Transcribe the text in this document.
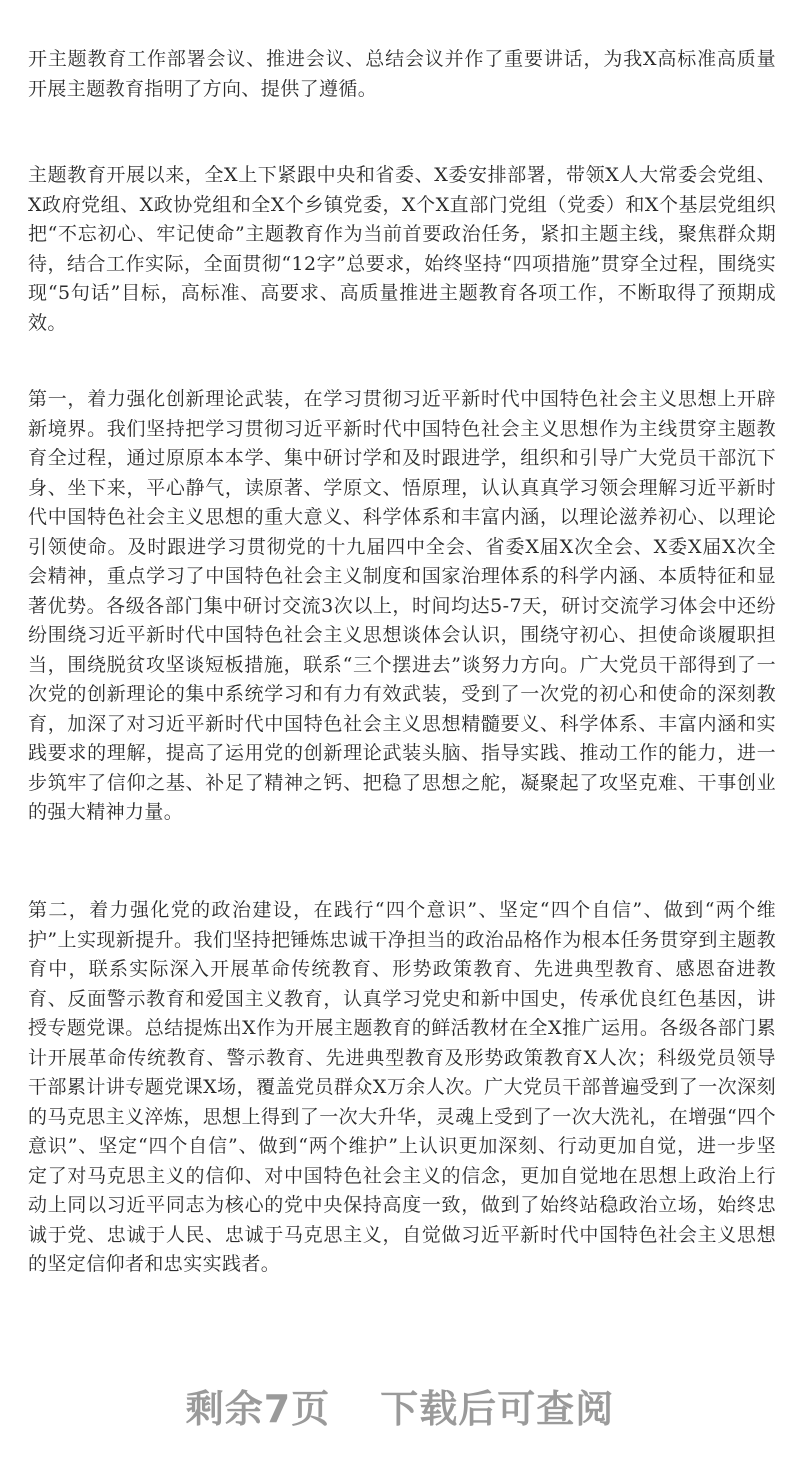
开主题教育工作部署会议、推进会议、总结会议并作了重要讲话，为我X高标准高质量开展主题教育指明了方向、提供了遵循。

主题教育开展以来，全X上下紧跟中央和省委、X委安排部署，带领X人大常委会党组、X政府党组、X政协党组和全X个乡镇党委，X个X直部门党组（党委）和X个基层党组织把“不忘初心、牢记使命”主题教育作为当前首要政治任务，紧扣主题主线，聚焦群众期待，结合工作实际，全面贯彻“12字”总要求，始终坚持“四项措施”贯穿全过程，围绕实现“5句话”目标，高标准、高要求、高质量推进主题教育各项工作，不断取得了预期成效。

第一，着力强化创新理论武装，在学习贯彻习近平新时代中国特色社会主义思想上开辟新境界。我们坚持把学习贯彻习近平新时代中国特色社会主义思想作为主线贯穿主题教育全过程，通过原原本本学、集中研讨学和及时跟进学，组织和引导广大党员干部沉下身、坐下来，平心静气，读原著、学原文、悟原理，认认真真学习领会理解习近平新时代中国特色社会主义思想的重大意义、科学体系和丰富内涵，以理论滋养初心、以理论引领使命。及时跟进学习贯彻党的十九届四中全会、省委X届X次全会、X委X届X次全会精神，重点学习了中国特色社会主义制度和国家治理体系的科学内涵、本质特征和显著优势。各级各部门集中研讨交流3次以上，时间均达5-7天，研讨交流学习体会中还纷纷围绕习近平新时代中国特色社会主义思想谈体会认识，围绕守初心、担使命谈履职担当，围绕脱贫攻坚谈短板措施，联系“三个摆进去”谈努力方向。广大党员干部得到了一次党的创新理论的集中系统学习和有力有效武装，受到了一次党的初心和使命的深刻教育，加深了对习近平新时代中国特色社会主义思想精髓要义、科学体系、丰富内涵和实践要求的理解，提高了运用党的创新理论武装头脑、指导实践、推动工作的能力，进一步筑牢了信仰之基、补足了精神之钙、把稳了思想之舵，凝聚起了攻坚克难、干事创业的强大精神力量。

第二，着力强化党的政治建设，在践行“四个意识”、坚定“四个自信”、做到“两个维护”上实现新提升。我们坚持把锤炼忠诚干净担当的政治品格作为根本任务贯穿到主题教育中，联系实际深入开展革命传统教育、形势政策教育、先进典型教育、感恩奋进教育、反面警示教育和爱国主义教育，认真学习党史和新中国史，传承优良红色基因，讲授专题党课。总结提炼出X作为开展主题教育的鲜活教材在全X推广运用。各级各部门累计开展革命传统教育、警示教育、先进典型教育及形势政策教育X人次；科级党员领导干部累计讲专题党课X场，覆盖党员群众X万余人次。广大党员干部普遍受到了一次深刻的马克思主义淬炼，思想上得到了一次大升华，灵魂上受到了一次大洗礼，在增强“四个意识”、坚定“四个自信”、做到“两个维护”上认识更加深刻、行动更加自觉，进一步坚定了对马克思主义的信仰、对中国特色社会主义的信念，更加自觉地在思想上政治上行动上同以习近平同志为核心的党中央保持高度一致，做到了始终站稳政治立场，始终忠诚于党、忠诚于人民、忠诚于马克思主义，自觉做习近平新时代中国特色社会主义思想的坚定信仰者和忠实实践者。

剩余7页 下载后可查阅
